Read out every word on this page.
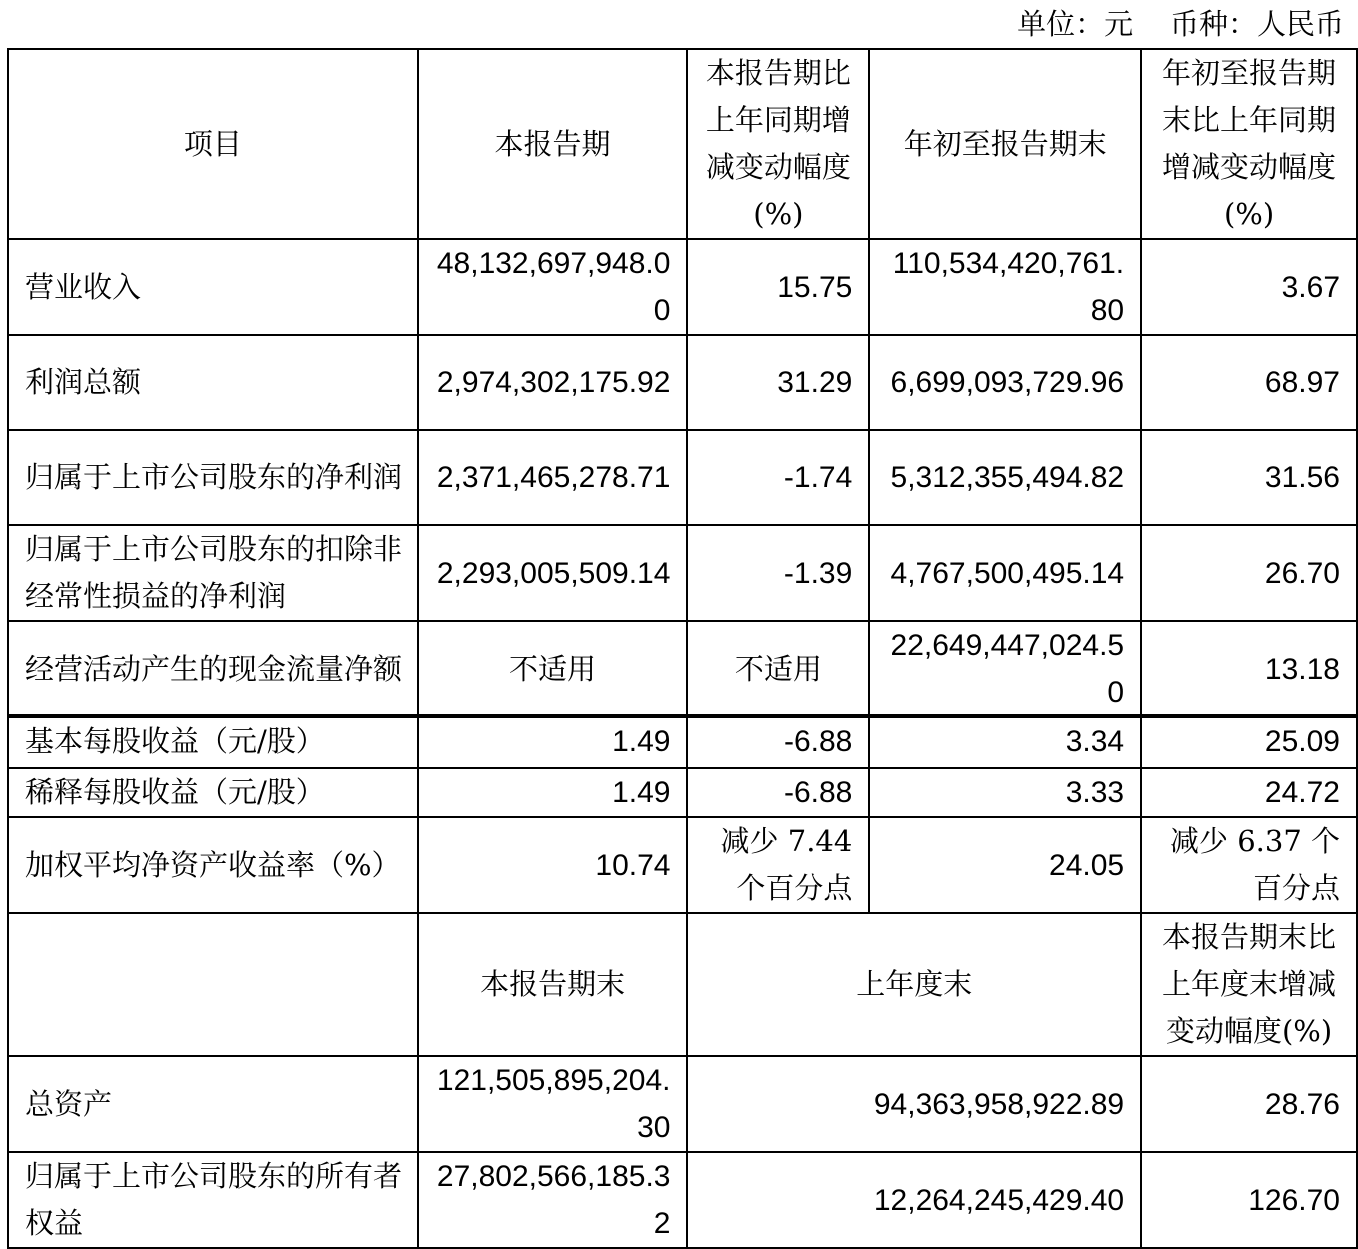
单位：元    币种：人民币
项目	本报告期	本报告期比上年同期增减变动幅度(%)	年初至报告期末	年初至报告期末比上年同期增减变动幅度(%)
营业收入	48,132,697,948.00	15.75	110,534,420,761.80	3.67
利润总额	2,974,302,175.92	31.29	6,699,093,729.96	68.97
归属于上市公司股东的净利润	2,371,465,278.71	-1.74	5,312,355,494.82	31.56
归属于上市公司股东的扣除非经常性损益的净利润	2,293,005,509.14	-1.39	4,767,500,495.14	26.70
经营活动产生的现金流量净额	不适用	不适用	22,649,447,024.50	13.18
基本每股收益（元/股）	1.49	-6.88	3.34	25.09
稀释每股收益（元/股）	1.49	-6.88	3.33	24.72
加权平均净资产收益率（%）	10.74	减少 7.44 个百分点	24.05	减少 6.37 个百分点
	本报告期末	上年度末		本报告期末比上年度末增减变动幅度(%)
总资产	121,505,895,204.30	94,363,958,922.89		28.76
归属于上市公司股东的所有者权益	27,802,566,185.32	12,264,245,429.40		126.70
